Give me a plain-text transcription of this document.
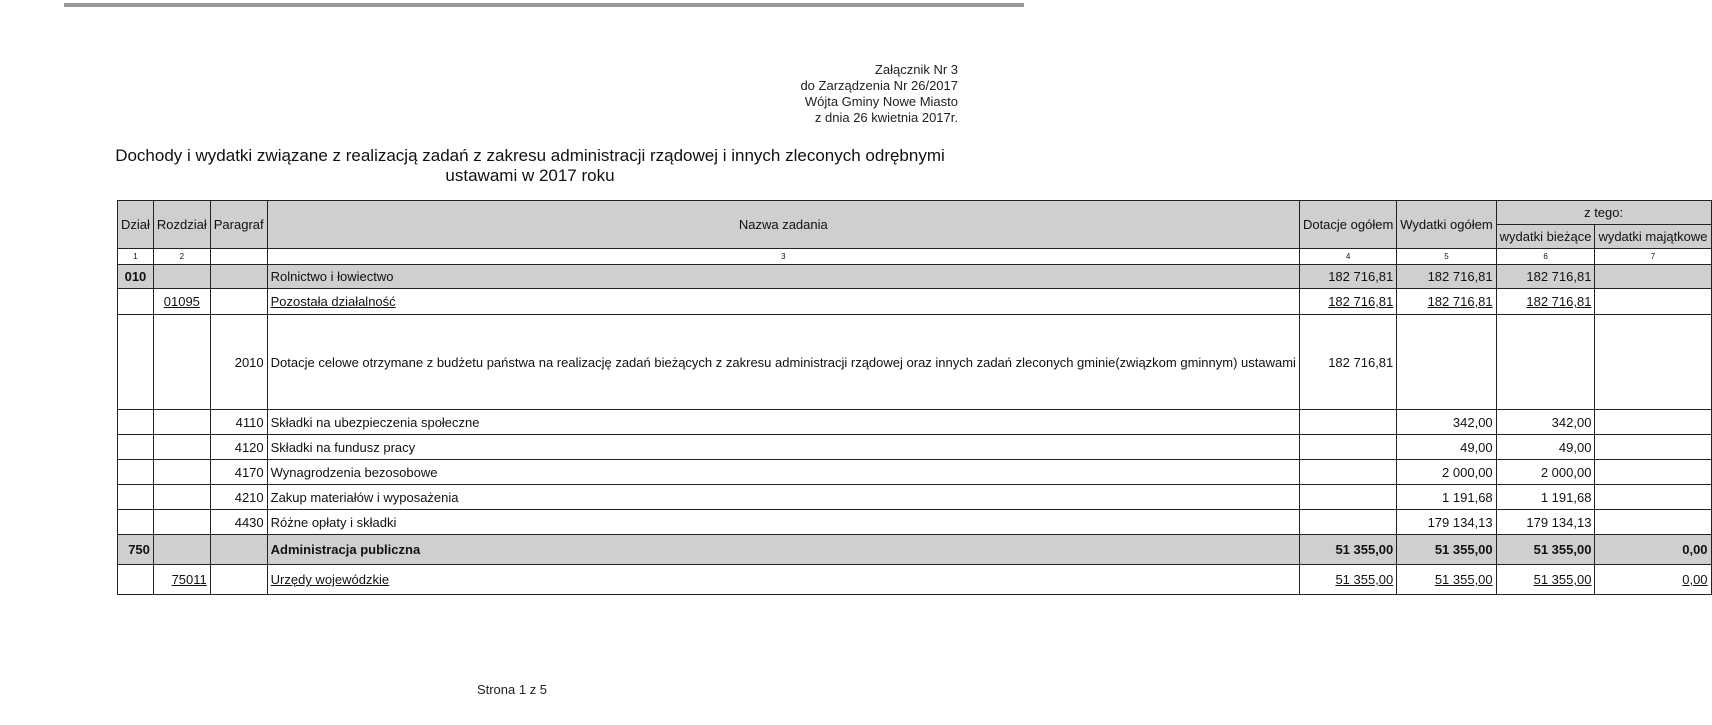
Załącznik Nr 3
do Zarządzenia Nr 26/2017
Wójta Gminy Nowe Miasto
z dnia 26 kwietnia 2017r.
Dochody i wydatki związane z realizacją zadań z zakresu administracji rządowej i innych zleconych odrębnymi
ustawami w 2017 roku
Dział	Rozdział	Paragraf	Nazwa zadania	Dotacje ogółem	Wydatki ogółem	z tego:	
						wydatki bieżące	wydatki majątkowe
1	2		3	4	5	6	7
010			Rolnictwo i łowiectwo	182 716,81	182 716,81	182 716,81	
	01095		Pozostała działalność	182 716,81	182 716,81	182 716,81	
		2010	Dotacje celowe otrzymane z budżetu państwa na realizację zadań bieżących z zakresu administracji rządowej oraz innych zadań zleconych gminie(związkom gminnym) ustawami	182 716,81			
		4110	Składki na ubezpieczenia społeczne		342,00	342,00	
		4120	Składki na fundusz pracy		49,00	49,00	
		4170	Wynagrodzenia bezosobowe		2 000,00	2 000,00	
		4210	Zakup materiałów i wyposażenia		1 191,68	1 191,68	
		4430	Różne opłaty i składki		179 134,13	179 134,13	
750			Administracja publiczna	51 355,00	51 355,00	51 355,00	0,00
	75011		Urzędy wojewódzkie	51 355,00	51 355,00	51 355,00	0,00
Strona 1 z 5
